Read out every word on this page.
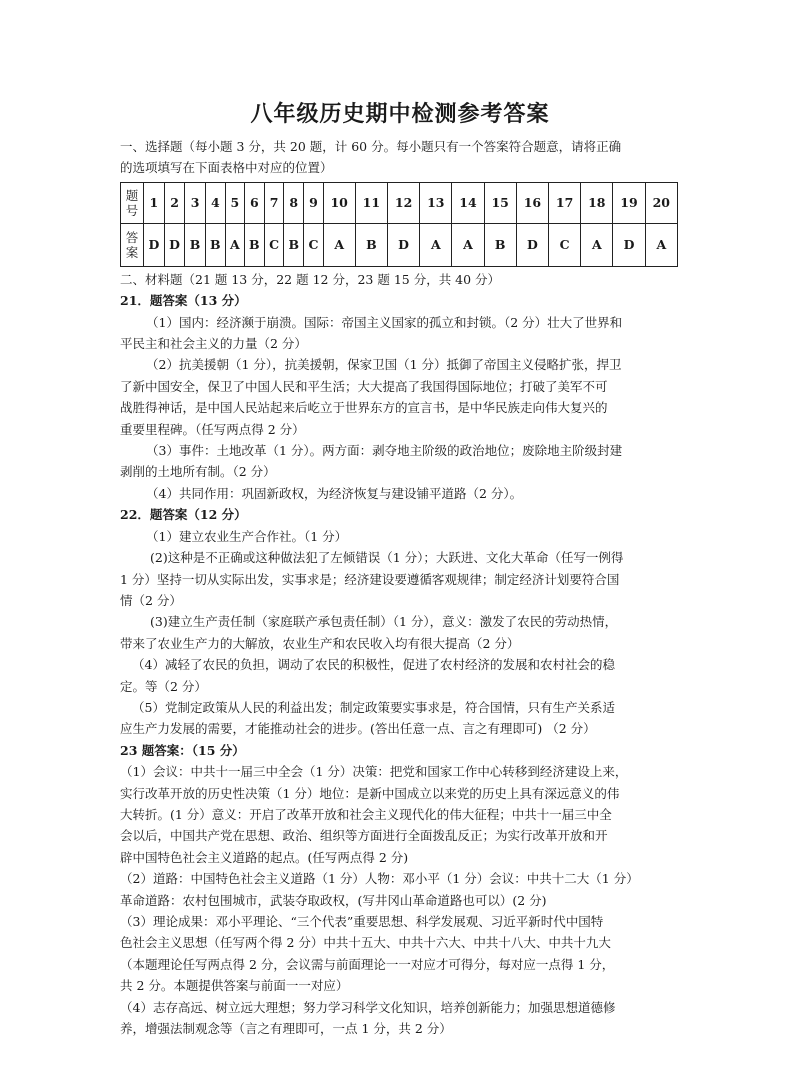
八年级历史期中检测参考答案
一、选择题（每小题 3 分，共 20 题，计 60 分。每小题只有一个答案符合题意，请将正确
的选项填写在下面表格中对应的位置）
题
号	1	2	3	4	5	6	7	8	9	10	11	12	13	14	15	16	17	18	19	20
答
案	D	D	B	B	A	B	C	B	C	A	B	D	A	A	B	D	C	A	D	A
二、材料题（21 题 13 分，22 题 12 分，23 题 15 分，共 40 分）
21．题答案（13 分）
（1）国内：经济濒于崩溃。国际：帝国主义国家的孤立和封锁。（2 分）壮大了世界和
平民主和社会主义的力量（2 分）
（2）抗美援朝（1 分），抗美援朝，保家卫国（1 分）抵御了帝国主义侵略扩张，捍卫
了新中国安全，保卫了中国人民和平生活；大大提高了我国得国际地位；打破了美军不可
战胜得神话，是中国人民站起来后屹立于世界东方的宣言书，是中华民族走向伟大复兴的
重要里程碑。（任写两点得 2 分）
（3）事件：土地改革（1 分）。两方面：剥夺地主阶级的政治地位；废除地主阶级封建
剥削的土地所有制。（2 分）
（4）共同作用：巩固新政权，为经济恢复与建设铺平道路（2 分）。
22．题答案（12 分）
（1）建立农业生产合作社。（1 分）
(2)这种是不正确或这种做法犯了左倾错误（1 分）；大跃进、文化大革命（任写一例得
1 分）坚持一切从实际出发，实事求是；经济建设要遵循客观规律；制定经济计划要符合国
情（2 分）
(3)建立生产责任制（家庭联产承包责任制）（1 分），意义：激发了农民的劳动热情，
带来了农业生产力的大解放，农业生产和农民收入均有很大提高（2 分）
（4）减轻了农民的负担，调动了农民的积极性，促进了农村经济的发展和农村社会的稳
定。等（2 分）
（5）党制定政策从人民的利益出发；制定政策要实事求是，符合国情，只有生产关系适
应生产力发展的需要，才能推动社会的进步。(答出任意一点、言之有理即可) （2 分）
23 题答案：（15 分）
（1）会议：中共十一届三中全会（1 分）决策：把党和国家工作中心转移到经济建设上来，
实行改革开放的历史性决策（1 分）地位：是新中国成立以来党的历史上具有深远意义的伟
大转折。(1 分）意义：开启了改革开放和社会主义现代化的伟大征程；中共十一届三中全
会以后，中国共产党在思想、政治、组织等方面进行全面拨乱反正；为实行改革开放和开
辟中国特色社会主义道路的起点。(任写两点得 2 分)
（2）道路：中国特色社会主义道路（1 分）人物：邓小平（1 分）会议：中共十二大（1 分）
革命道路：农村包围城市，武装夺取政权，(写井冈山革命道路也可以）(2 分)
（3）理论成果：邓小平理论、“三个代表”重要思想、科学发展观、习近平新时代中国特
色社会主义思想（任写两个得 2 分）中共十五大、中共十六大、中共十八大、中共十九大
（本题理论任写两点得 2 分，会议需与前面理论一一对应才可得分，每对应一点得 1 分，
共 2 分。本题提供答案与前面一一对应）
（4）志存高远、树立远大理想；努力学习科学文化知识，培养创新能力；加强思想道德修
养，增强法制观念等（言之有理即可，一点 1 分，共 2 分）
